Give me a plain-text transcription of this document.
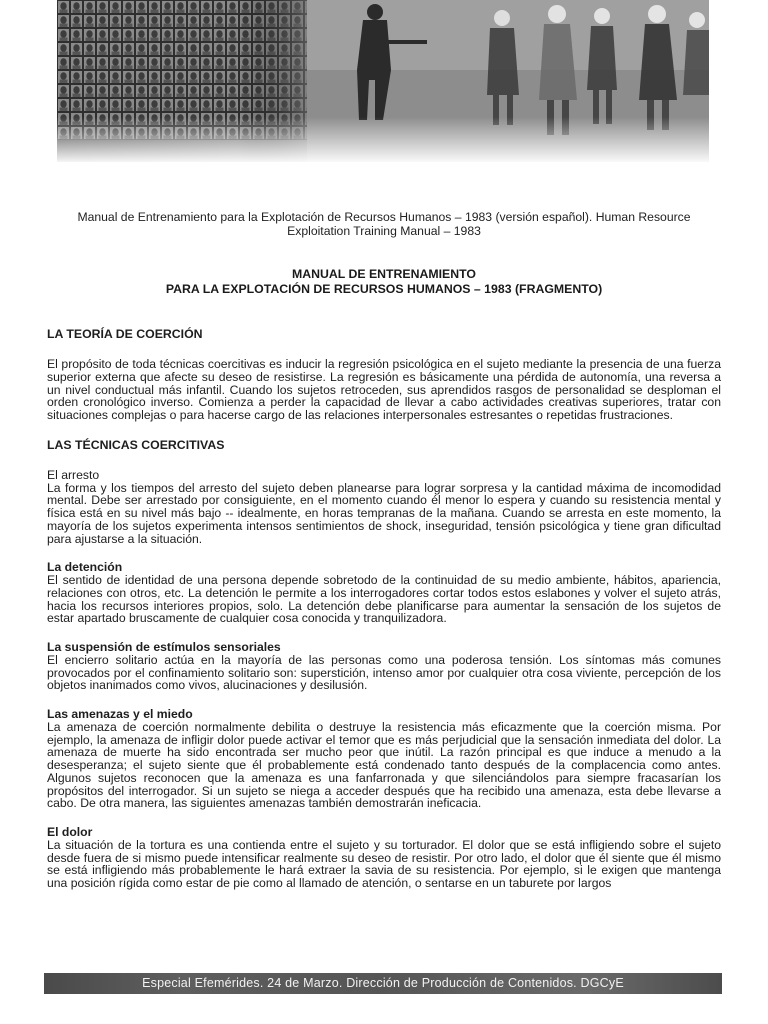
Manual de Entrenamiento para la Explotación de Recursos Humanos – 1983 (versión español). Human Resource
Exploitation Training Manual – 1983
MANUAL DE ENTRENAMIENTO
PARA LA EXPLOTACIÓN DE RECURSOS HUMANOS – 1983 (FRAGMENTO)
LA TEORÍA DE COERCIÓN

El propósito de toda técnicas coercitivas es inducir la regresión psicológica en el sujeto mediante la presencia de una fuerza superior externa que afecte su deseo de resistirse. La regresión es básicamente una pérdida de autonomía, una reversa a un nivel conductual más infantil. Cuando los sujetos retroceden, sus aprendidos rasgos de personalidad se desploman el orden cronológico inverso. Comienza a perder la capacidad de llevar a cabo actividades creativas superiores, tratar con situaciones complejas o para hacerse cargo de las relaciones interpersonales estresantes o repetidas frustraciones.

LAS TÉCNICAS COERCITIVAS

El arresto
La forma y los tiempos del arresto del sujeto deben planearse para lograr sorpresa y la cantidad máxima de incomodidad mental. Debe ser arrestado por consiguiente, en el momento cuando él menor lo espera y cuando su resistencia mental y física está en su nivel más bajo -- idealmente, en horas tempranas de la mañana. Cuando se arresta en este momento, la mayoría de los sujetos experimenta intensos sentimientos de shock, inseguridad, tensión psicológica y tiene gran dificultad para ajustarse a la situación.

La detención
El sentido de identidad de una persona depende sobretodo de la continuidad de su medio ambiente, hábitos, apariencia, relaciones con otros, etc. La detención le permite a los interrogadores cortar todos estos eslabones y volver el sujeto atrás, hacia los recursos interiores propios, solo. La detención debe planificarse para aumentar la sensación de los sujetos de estar apartado bruscamente de cualquier cosa conocida y tranquilizadora.

La suspensión de estímulos sensoriales
El encierro solitario actúa en la mayoría de las personas como una poderosa tensión. Los síntomas más comunes provocados por el confinamiento solitario son: superstición, intenso amor por cualquier otra cosa viviente, percepción de los objetos inanimados como vivos, alucinaciones y desilusión.

Las amenazas y el miedo
La amenaza de coerción normalmente debilita o destruye la resistencia más eficazmente que la coerción misma. Por ejemplo, la amenaza de infligir dolor puede activar el temor que es más perjudicial que la sensación inmediata del dolor. La amenaza de muerte ha sido encontrada ser mucho peor que inútil. La razón principal es que induce a menudo a la desesperanza; el sujeto siente que él probablemente está condenado tanto después de la complacencia como antes. Algunos sujetos reconocen que la amenaza es una fanfarronada y que silenciándolos para siempre fracasarían los propósitos del interrogador. Si un sujeto se niega a acceder después que ha recibido una amenaza, esta debe llevarse a cabo. De otra manera, las siguientes amenazas también demostrarán ineficacia.

El dolor
La situación de la tortura es una contienda entre el sujeto y su torturador. El dolor que se está infligiendo sobre el sujeto desde fuera de si mismo puede intensificar realmente su deseo de resistir. Por otro lado, el dolor que él siente que él mismo se está infligiendo más probablemente le hará extraer la savia de su resistencia. Por ejemplo, si le exigen que mantenga una posición rígida como estar de pie como al llamado de atención, o sentarse en un taburete por largos

Especial Efemérides. 24 de Marzo. Dirección de Producción de Contenidos. DGCyE
